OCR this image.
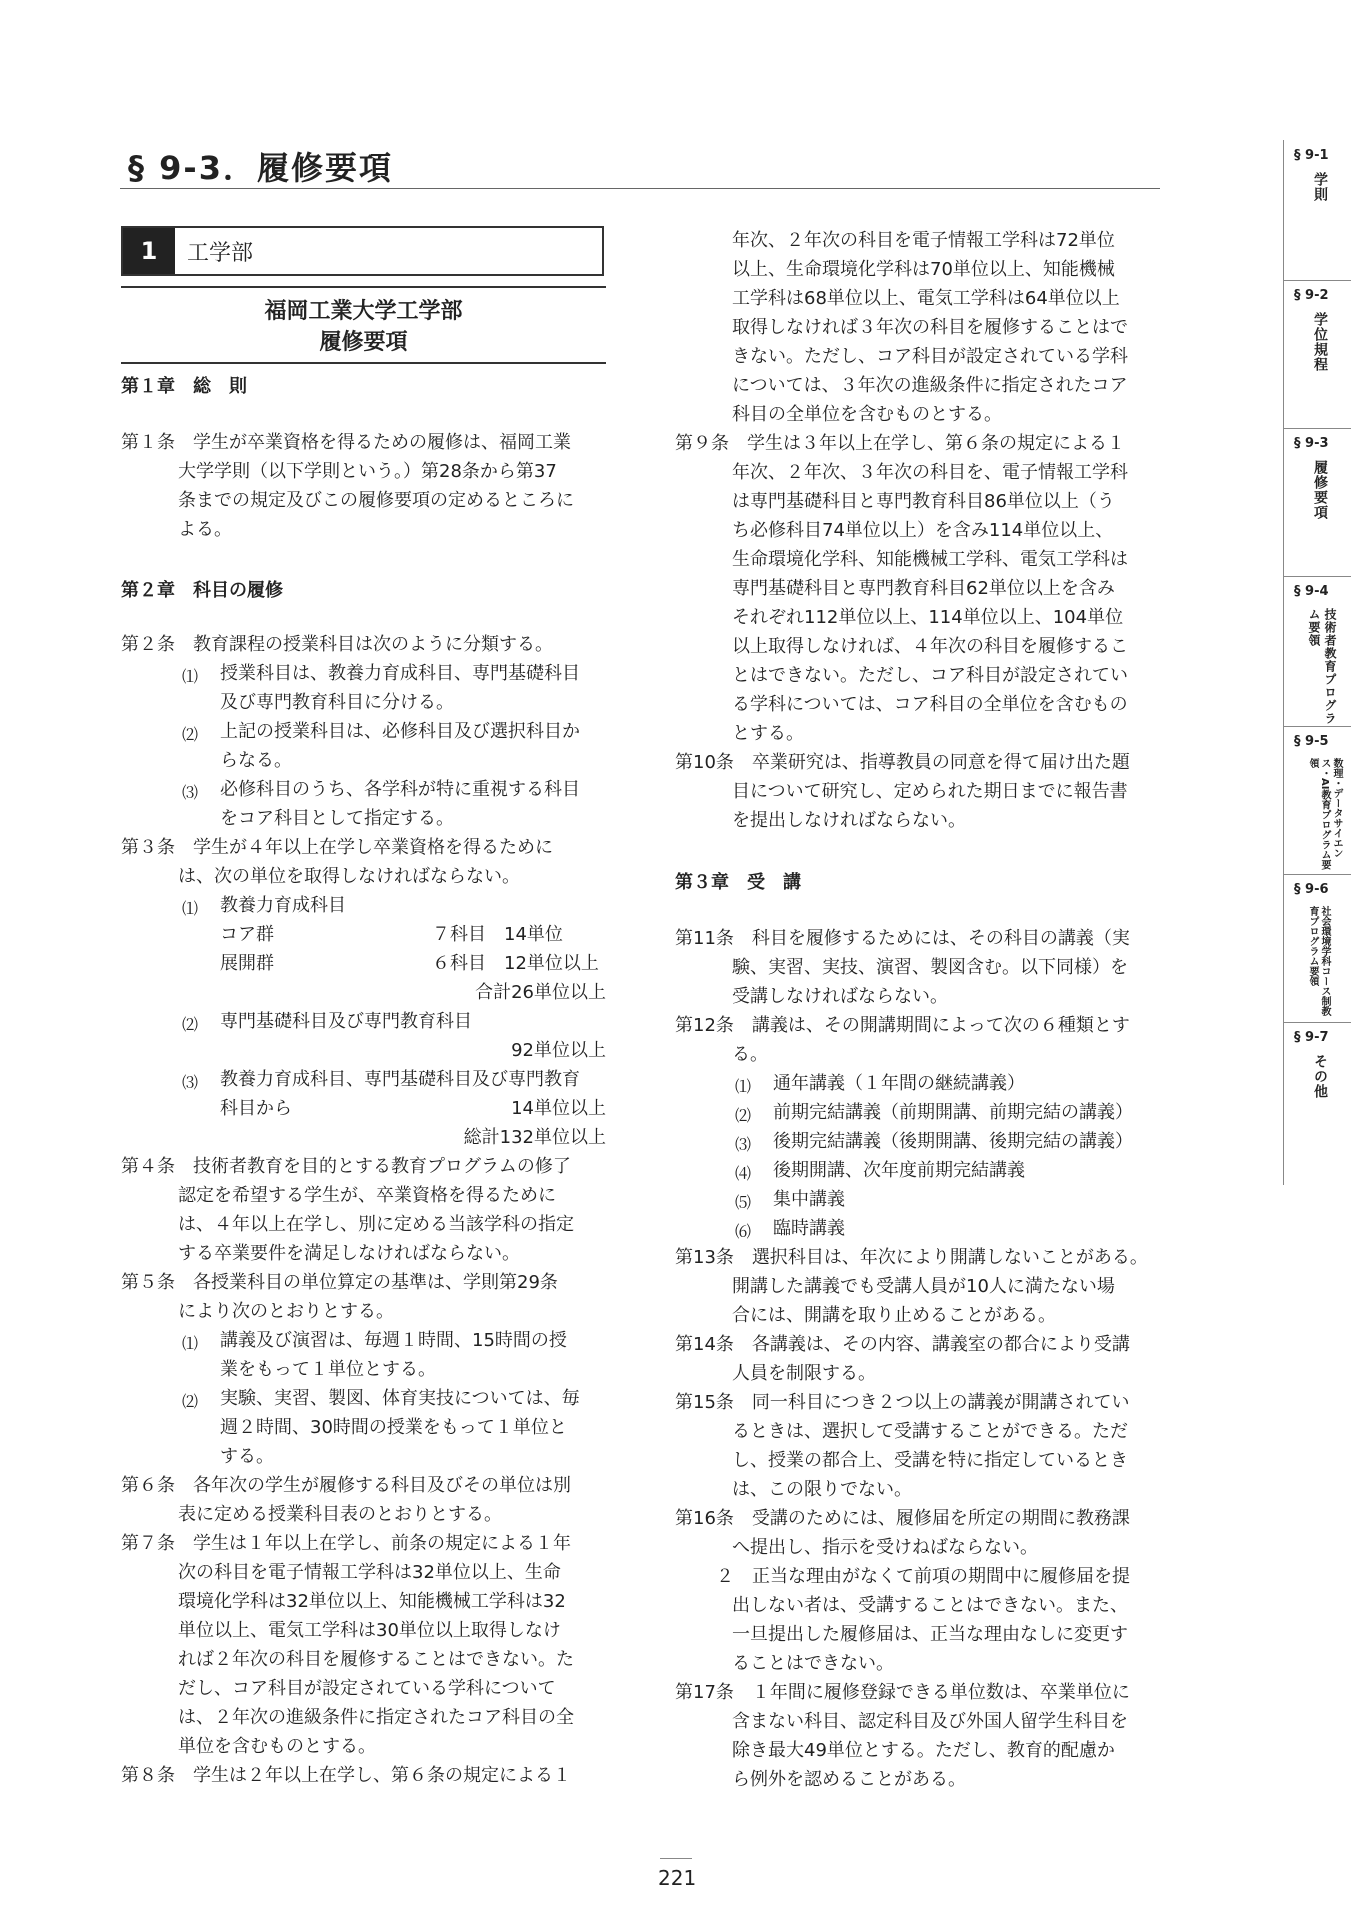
§ 9-3．履修要項
1	工学部
福岡工業大学工学部
履修要項
第１章　総　則
第２章　科目の履修
第３章　受　講
第１条　学生が卒業資格を得るための履修は、福岡工業
大学学則（以下学則という。）第28条から第37
条までの規定及びこの履修要項の定めるところに
よる。
第２条　教育課程の授業科目は次のように分類する。
授業科目は、教養力育成科目、専門基礎科目
⑴
及び専門教育科目に分ける。
上記の授業科目は、必修科目及び選択科目か
⑵
らなる。
必修科目のうち、各学科が特に重視する科目
⑶
をコア科目として指定する。
第３条　学生が４年以上在学し卒業資格を得るために
は、次の単位を取得しなければならない。
教養力育成科目
⑴
コア群	７科目　14単位
展開群	６科目　12単位以上
合計26単位以上
専門基礎科目及び専門教育科目
⑵
92単位以上
教養力育成科目、専門基礎科目及び専門教育
⑶
科目から	14単位以上
総計132単位以上
第４条　技術者教育を目的とする教育プログラムの修了
認定を希望する学生が、卒業資格を得るために
は、４年以上在学し、別に定める当該学科の指定
する卒業要件を満足しなければならない。
第５条　各授業科目の単位算定の基準は、学則第29条
により次のとおりとする。
講義及び演習は、毎週１時間、15時間の授
⑴
業をもって１単位とする。
実験、実習、製図、体育実技については、毎
⑵
週２時間、30時間の授業をもって１単位と
する。
第６条　各年次の学生が履修する科目及びその単位は別
表に定める授業科目表のとおりとする。
第７条　学生は１年以上在学し、前条の規定による１年
次の科目を電子情報工学科は32単位以上、生命
環境化学科は32単位以上、知能機械工学科は32
単位以上、電気工学科は30単位以上取得しなけ
れば２年次の科目を履修することはできない。た
だし、コア科目が設定されている学科について
は、２年次の進級条件に指定されたコア科目の全
単位を含むものとする。
第８条　学生は２年以上在学し、第６条の規定による１
年次、２年次の科目を電子情報工学科は72単位
以上、生命環境化学科は70単位以上、知能機械
工学科は68単位以上、電気工学科は64単位以上
取得しなければ３年次の科目を履修することはで
きない。ただし、コア科目が設定されている学科
については、３年次の進級条件に指定されたコア
科目の全単位を含むものとする。
第９条　学生は３年以上在学し、第６条の規定による１
年次、２年次、３年次の科目を、電子情報工学科
は専門基礎科目と専門教育科目86単位以上（う
ち必修科目74単位以上）を含み114単位以上、
生命環境化学科、知能機械工学科、電気工学科は
専門基礎科目と専門教育科目62単位以上を含み
それぞれ112単位以上、114単位以上、104単位
以上取得しなければ、４年次の科目を履修するこ
とはできない。ただし、コア科目が設定されてい
る学科については、コア科目の全単位を含むもの
とする。
第10条　卒業研究は、指導教員の同意を得て届け出た題
目について研究し、定められた期日までに報告書
を提出しなければならない。
第11条　科目を履修するためには、その科目の講義（実
験、実習、実技、演習、製図含む。以下同様）を
受講しなければならない。
第12条　講義は、その開講期間によって次の６種類とす
る。
通年講義（１年間の継続講義）
⑴
前期完結講義（前期開講、前期完結の講義）
⑵
後期完結講義（後期開講、後期完結の講義）
⑶
後期開講、次年度前期完結講義
⑷
集中講義
⑸
臨時講義
⑹
第13条　選択科目は、年次により開講しないことがある。
開講した講義でも受講人員が10人に満たない場
合には、開講を取り止めることがある。
第14条　各講義は、その内容、講義室の都合により受講
人員を制限する。
第15条　同一科目につき２つ以上の講義が開講されてい
るときは、選択して受講することができる。ただ
し、授業の都合上、受講を特に指定しているとき
は、この限りでない。
第16条　受講のためには、履修届を所定の期間に教務課
へ提出し、指示を受けねばならない。
２　正当な理由がなくて前項の期間中に履修届を提
出しない者は、受講することはできない。また、
一旦提出した履修届は、正当な理由なしに変更す
ることはできない。
第17条　１年間に履修登録できる単位数は、卒業単位に
含まない科目、認定科目及び外国人留学生科目を
除き最大49単位とする。ただし、教育的配慮か
ら例外を認めることがある。
§ 9-1
学則
§ 9-2
学位規程
§ 9-3
履修要項
§ 9-4
技術者教育プログラム要領
§ 9-5
数理・データサイエンス・AI教育プログラム要領
§ 9-6
社会環境学科コース制教育プログラム要領
§ 9-7
その他
221
